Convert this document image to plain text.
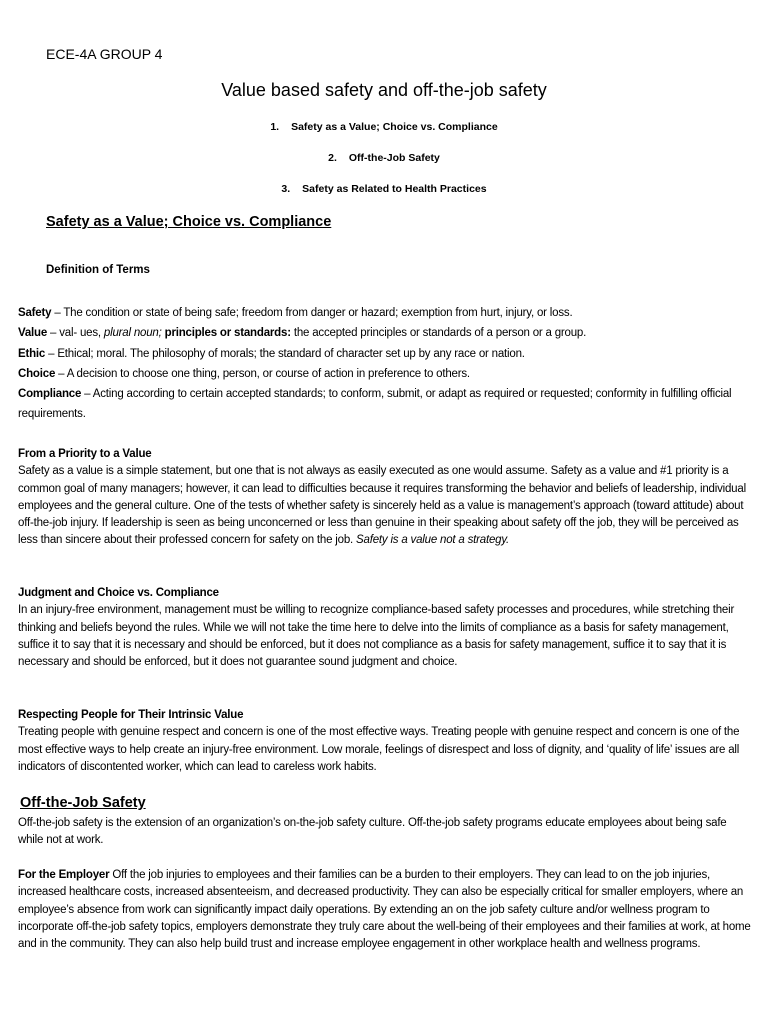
ECE-4A GROUP 4
Value based safety and off-the-job safety
1. Safety as a Value; Choice vs. Compliance
2. Off-the-Job Safety
3. Safety as Related to Health Practices
Safety as a Value; Choice vs. Compliance
Definition of Terms

Safety – The condition or state of being safe; freedom from danger or hazard; exemption from hurt, injury, or loss.

Value – val- ues, plural noun; principles or standards: the accepted principles or standards of a person or a group.

Ethic – Ethical; moral. The philosophy of morals; the standard of character set up by any race or nation.

Choice – A decision to choose one thing, person, or course of action in preference to others.

Compliance – Acting according to certain accepted standards; to conform, submit, or adapt as required or requested; conformity in fulfilling official requirements.

From a Priority to a Value

Safety as a value is a simple statement, but one that is not always as easily executed as one would assume. Safety as a value and #1 priority is a common goal of many managers; however, it can lead to difficulties because it requires transforming the behavior and beliefs of leadership, individual employees and the general culture. One of the tests of whether safety is sincerely held as a value is management’s approach (toward attitude) about off-the-job injury. If leadership is seen as being unconcerned or less than genuine in their speaking about safety off the job, they will be perceived as less than sincere about their professed concern for safety on the job. Safety is a value not a strategy.

Judgment and Choice vs. Compliance

In an injury-free environment, management must be willing to recognize compliance-based safety processes and procedures, while stretching their thinking and beliefs beyond the rules. While we will not take the time here to delve into the limits of compliance as a basis for safety management, suffice it to say that it is necessary and should be enforced, but it does not compliance as a basis for safety management, suffice it to say that it is necessary and should be enforced, but it does not guarantee sound judgment and choice.

Respecting People for Their Intrinsic Value

Treating people with genuine respect and concern is one of the most effective ways. Treating people with genuine respect and concern is one of the most effective ways to help create an injury-free environment. Low morale, feelings of disrespect and loss of dignity, and ‘quality of life’ issues are all indicators of discontented worker, which can lead to careless work habits.

Off-the-Job Safety
Off-the-job safety is the extension of an organization’s on-the-job safety culture. Off-the-job safety programs educate employees about being safe while not at work.
For the Employer Off the job injuries to employees and their families can be a burden to their employers. They can lead to on the job injuries, increased healthcare costs, increased absenteeism, and decreased productivity. They can also be especially critical for smaller employers, where an employee’s absence from work can significantly impact daily operations. By extending an on the job safety culture and/or wellness program to incorporate off-the-job safety topics, employers demonstrate they truly care about the well-being of their employees and their families at work, at home and in the community. They can also help build trust and increase employee engagement in other workplace health and wellness programs.
